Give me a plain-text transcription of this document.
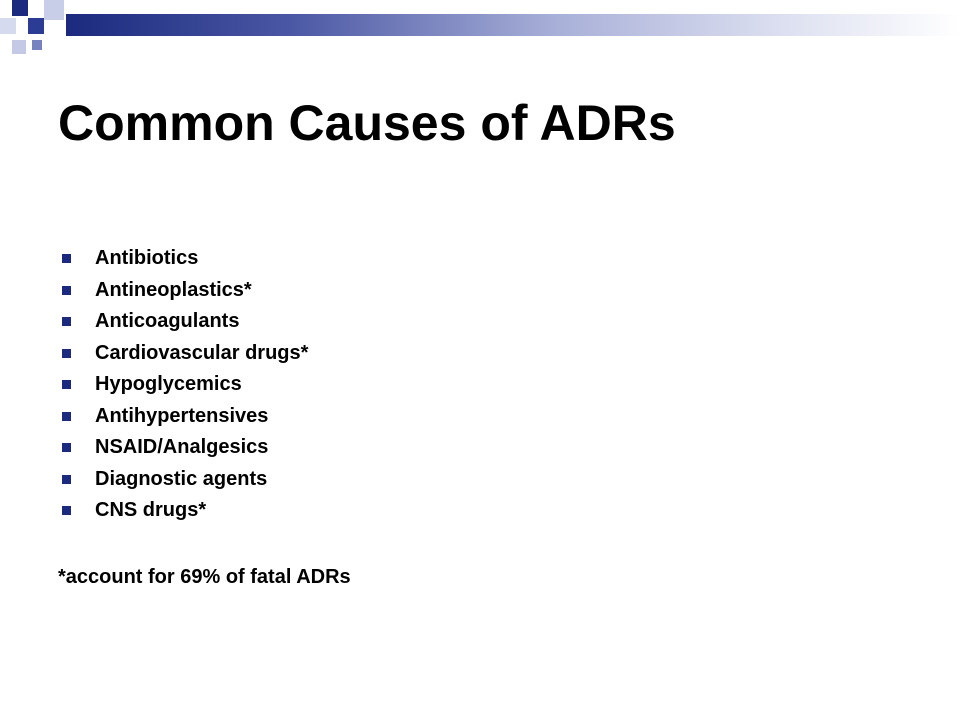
Common Causes of ADRs
Antibiotics
Antineoplastics*
Anticoagulants
Cardiovascular drugs*
Hypoglycemics
Antihypertensives
NSAID/Analgesics
Diagnostic agents
CNS drugs*

*account for 69% of fatal ADRs
